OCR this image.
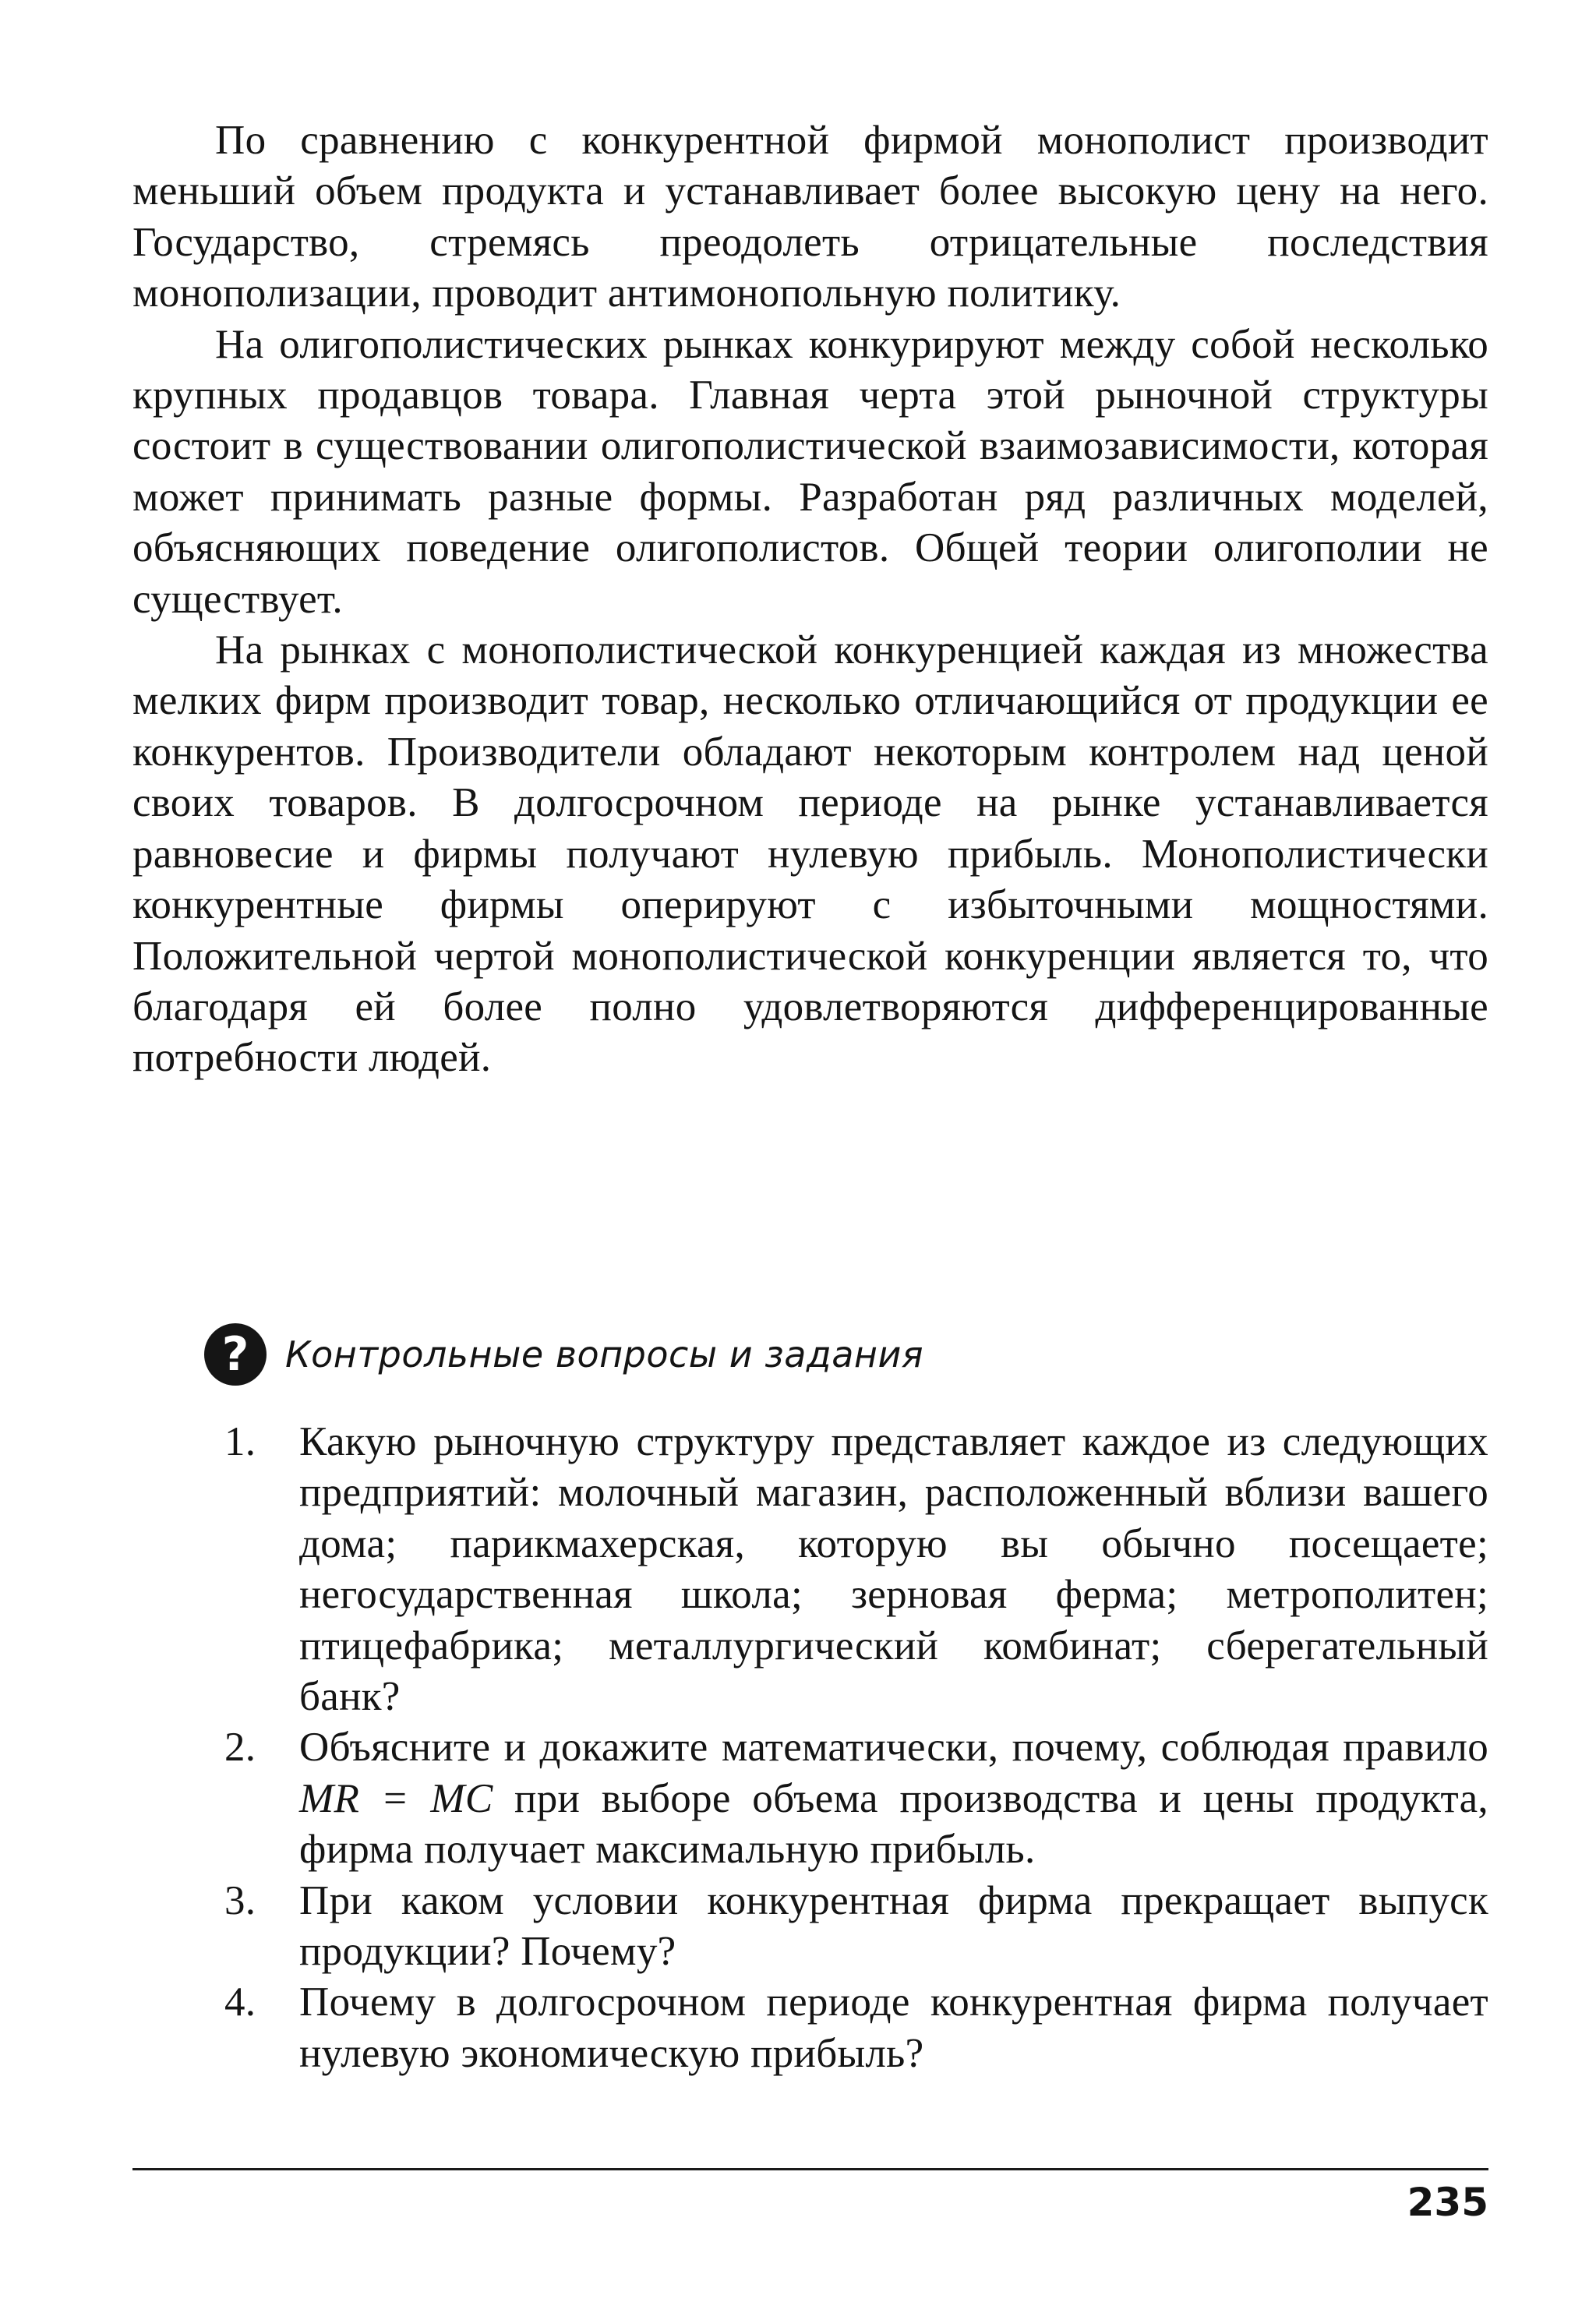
По сравнению с конкурентной фирмой монополист производит меньший объем продукта и устанавливает более высокую цену на него. Государство, стремясь преодолеть отрицательные последствия монополизации, проводит антимонопольную политику.

На олигополистических рынках конкурируют между собой несколько крупных продавцов товара. Главная черта этой рыночной структуры состоит в существовании олигополистической взаимозависимости, которая может принимать разные формы. Разработан ряд различных моделей, объясняющих поведение олигополистов. Общей теории олигополии не существует.

На рынках с монополистической конкуренцией каждая из множества мелких фирм производит товар, несколько отличающийся от продукции ее конкурентов. Производители обладают некоторым контролем над ценой своих товаров. В долгосрочном периоде на рынке устанавливается равновесие и фирмы получают нулевую прибыль. Монополистически конкурентные фирмы оперируют с избыточными мощностями. Положительной чертой монополистической конкуренции является то, что благодаря ей более полно удовлетворяются дифференцированные потребности людей.

?	Контрольные вопросы и задания
1.	Какую рыночную структуру представляет каждое из следующих предприятий: молочный магазин, расположенный вблизи вашего дома; парикмахерская, которую вы обычно посещаете; негосударственная школа; зерновая ферма; метрополитен; птицефабрика; металлургический комбинат; сберегательный банк?
2.	Объясните и докажите математически, почему, соблюдая правило MR = MC при выборе объема производства и цены продукта, фирма получает максимальную прибыль.
3.	При каком условии конкурентная фирма прекращает выпуск продукции? Почему?
4.	Почему в долгосрочном периоде конкурентная фирма получает нулевую экономическую прибыль?
235
